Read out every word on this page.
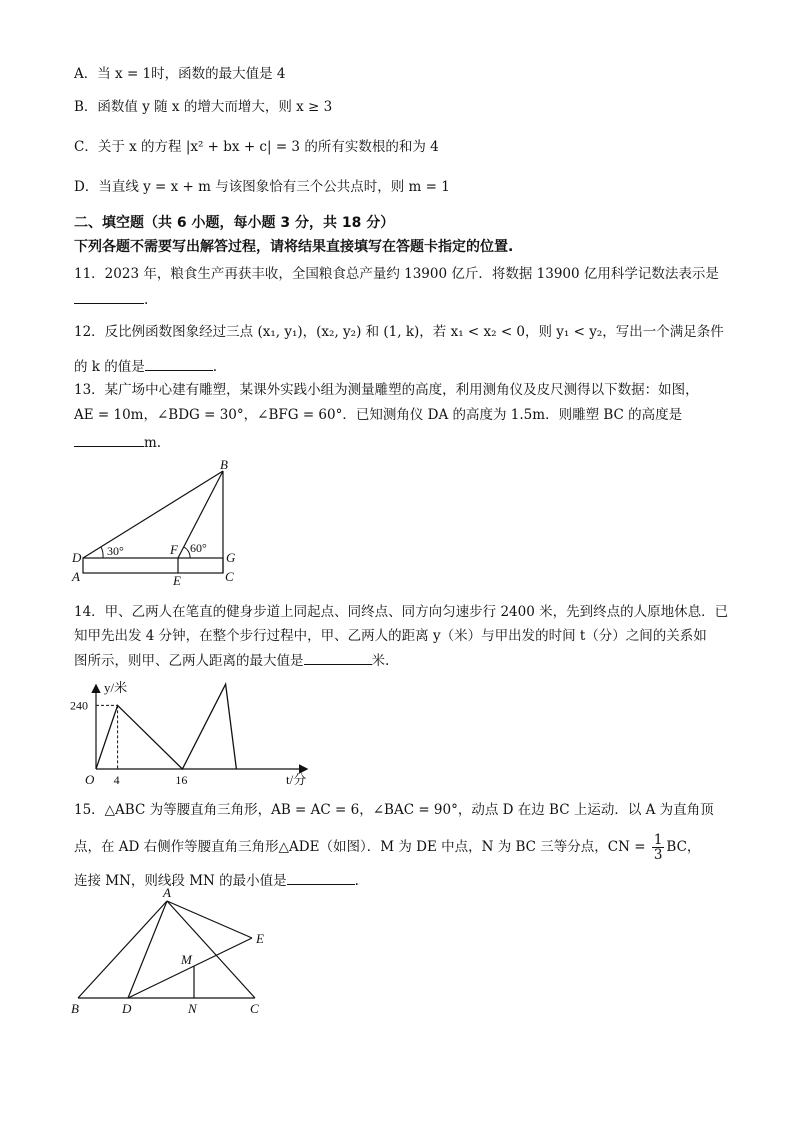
A．当 x = 1时，函数的最大值是 4
B．函数值 y 随 x 的增大而增大，则 x ≥ 3
C．关于 x 的方程 |x² + bx + c| = 3 的所有实数根的和为 4
D．当直线 y = x + m 与该图象恰有三个公共点时，则 m = 1
二、填空题（共 6 小题，每小题 3 分，共 18 分）
下列各题不需要写出解答过程，请将结果直接填写在答题卡指定的位置.
11．2023 年，粮食生产再获丰收，全国粮食总产量约 13900 亿斤．将数据 13900 亿用科学记数法表示是
.
12．反比例函数图象经过三点 (x₁, y₁)，(x₂, y₂) 和 (1, k)，若 x₁ < x₂ < 0，则 y₁ < y₂，写出一个满足条件
的 k 的值是	.
13．某广场中心建有雕塑，某课外实践小组为测量雕塑的高度，利用测角仪及皮尺测得以下数据：如图，
AE = 10m，∠BDG = 30°，∠BFG = 60°．已知测角仪 DA 的高度为 1.5m．则雕塑 BC 的高度是
m.
B
D
F
G
A	E	C
30°	60°
14．甲、乙两人在笔直的健身步道上同起点、同终点、同方向匀速步行 2400 米，先到终点的人原地休息．已
知甲先出发 4 分钟，在整个步行过程中，甲、乙两人的距离 y（米）与甲出发的时间 t（分）之间的关系如
图所示，则甲、乙两人距离的最大值是	米.
4	16
240
O
y/米
t/分
15．△ABC 为等腰直角三角形，AB = AC = 6，∠BAC = 90°，动点 D 在边 BC 上运动．以 A 为直角顶
点，在 AD 右侧作等腰直角三角形△ADE（如图）．M 为 DE 中点，N 为 BC 三等分点，CN = $\frac{1}{3}$ BC，
连接 MN，则线段 MN 的最小值是	.
A
E
M
B	D	N	C
